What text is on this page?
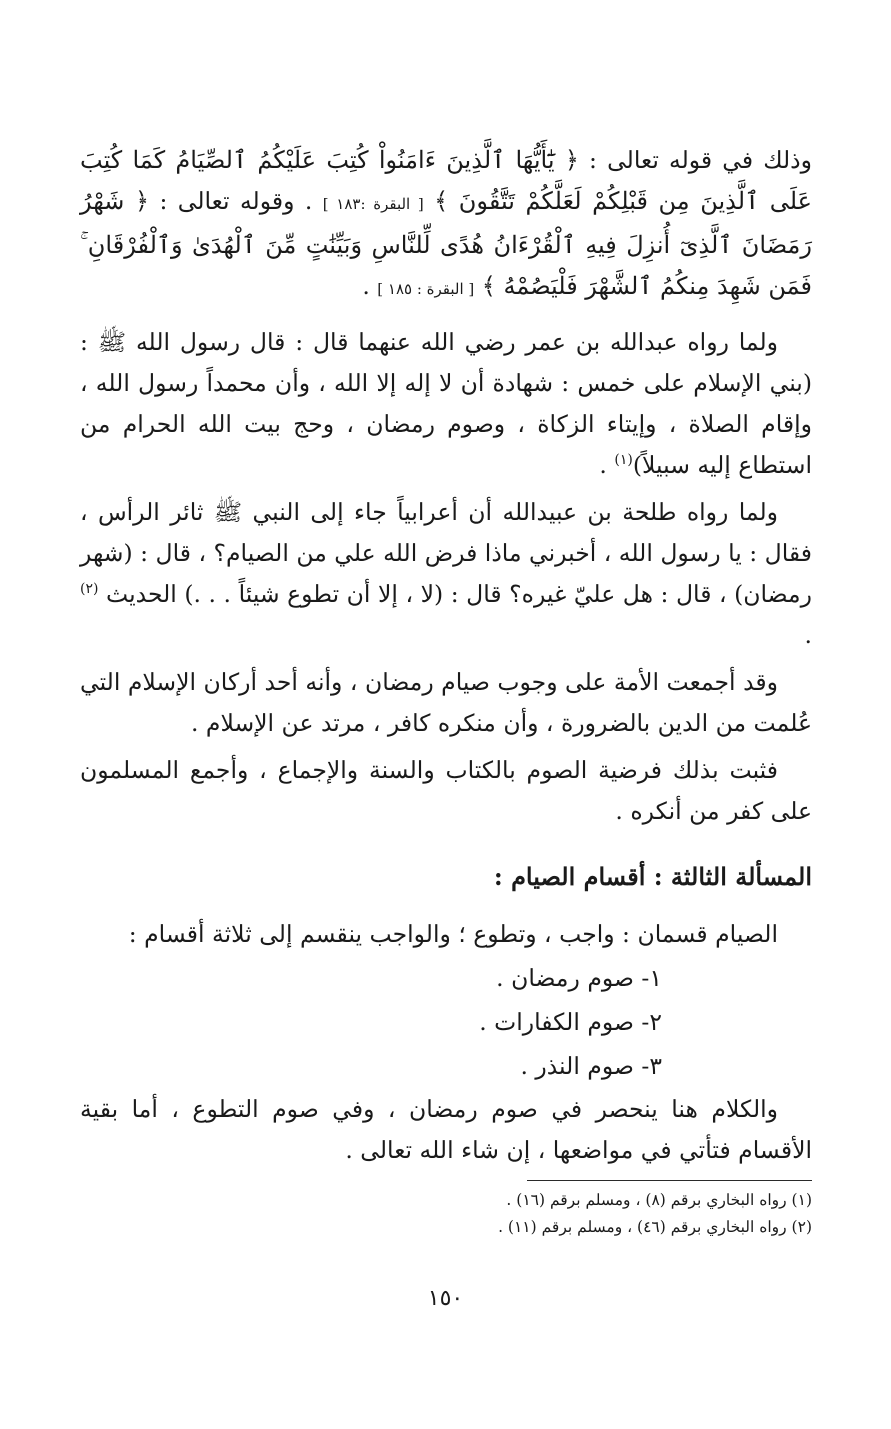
وذلك في قوله تعالى : ﴿ يَٰٓأَيُّهَا ٱلَّذِينَ ءَامَنُواْ كُتِبَ عَلَيْكُمُ ٱلصِّيَامُ كَمَا كُتِبَ عَلَى ٱلَّذِينَ مِن قَبْلِكُمْ لَعَلَّكُمْ تَتَّقُونَ ﴾ [ البقرة :١٨٣ ] . وقوله تعالى : ﴿ شَهْرُ رَمَضَانَ ٱلَّذِىٓ أُنزِلَ فِيهِ ٱلْقُرْءَانُ هُدًى لِّلنَّاسِ وَبَيِّنَٰتٍ مِّنَ ٱلْهُدَىٰ وَٱلْفُرْقَانِ ۚ فَمَن شَهِدَ مِنكُمُ ٱلشَّهْرَ فَلْيَصُمْهُ ﴾ [ البقرة : ١٨٥ ] .

ولما رواه عبدالله بن عمر رضي الله عنهما قال : قال رسول الله ﷺ : (بني الإسلام على خمس : شهادة أن لا إله إلا الله ، وأن محمداً رسول الله ، وإقام الصلاة ، وإيتاء الزكاة ، وصوم رمضان ، وحج بيت الله الحرام من استطاع إليه سبيلاً)$^{(١)}$ .

ولما رواه طلحة بن عبيدالله أن أعرابياً جاء إلى النبي ﷺ ثائر الرأس ، فقال : يا رسول الله ، أخبرني ماذا فرض الله علي من الصيام؟ ، قال : (شهر رمضان) ، قال : هل عليّ غيره؟ قال : (لا ، إلا أن تطوع شيئاً . . .) الحديث $^{(٢)}$ .

وقد أجمعت الأمة على وجوب صيام رمضان ، وأنه أحد أركان الإسلام التي عُلمت من الدين بالضرورة ، وأن منكره كافر ، مرتد عن الإسلام .

فثبت بذلك فرضية الصوم بالكتاب والسنة والإجماع ، وأجمع المسلمون على كفر من أنكره .

المسألة الثالثة : أقسام الصيام :

الصيام قسمان : واجب ، وتطوع ؛ والواجب ينقسم إلى ثلاثة أقسام :

١- صوم رمضان .

٢- صوم الكفارات .

٣- صوم النذر .

والكلام هنا ينحصر في صوم رمضان ، وفي صوم التطوع ، أما بقية الأقسام فتأتي في مواضعها ، إن شاء الله تعالى .

(١) رواه البخاري برقم (٨) ، ومسلم برقم (١٦) .

(٢) رواه البخاري برقم (٤٦) ، ومسلم برقم (١١) .

١٥٠
